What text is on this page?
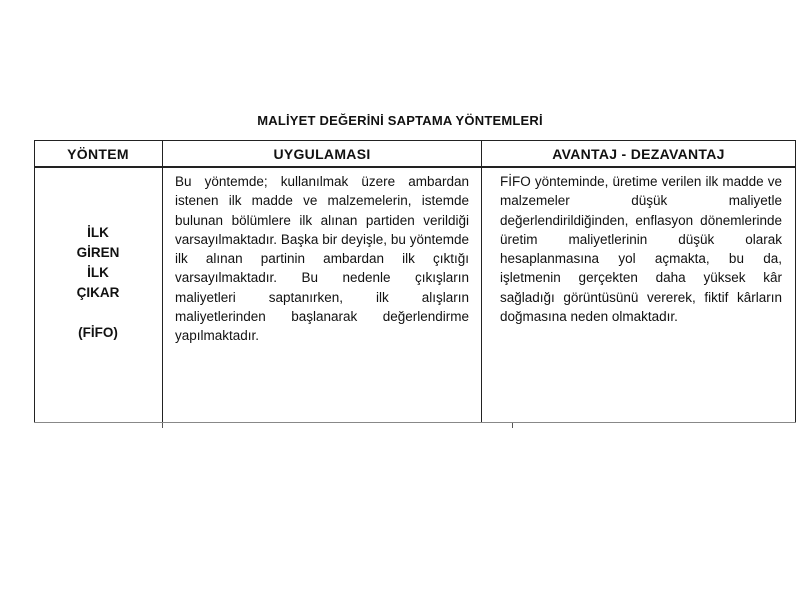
MALİYET DEĞERİNİ SAPTAMA YÖNTEMLERİ
YÖNTEM	UYGULAMASI	AVANTAJ - DEZAVANTAJ
İLK
GİREN
İLK
ÇIKAR
(FİFO)
Bu yöntemde; kullanılmak üzere ambardan istenen ilk madde ve malzemelerin, istemde bulunan bölümlere ilk alınan partiden verildiği varsayılmaktadır. Başka bir deyişle, bu yöntemde ilk alınan partinin ambardan ilk çıktığı varsayılmaktadır. Bu nedenle çıkışların maliyetleri saptanırken, ilk alışların maliyetlerinden başlanarak değerlendirme yapılmaktadır.
FİFO yönteminde, üretime verilen ilk madde ve malzemeler düşük maliyetle değerlendirildiğinden, enflasyon dönemlerinde üretim maliyetlerinin düşük olarak hesaplanmasına yol açmakta, bu da, işletmenin gerçekten daha yüksek kâr sağladığı görüntüsünü vererek, fiktif kârların doğmasına neden olmaktadır.
